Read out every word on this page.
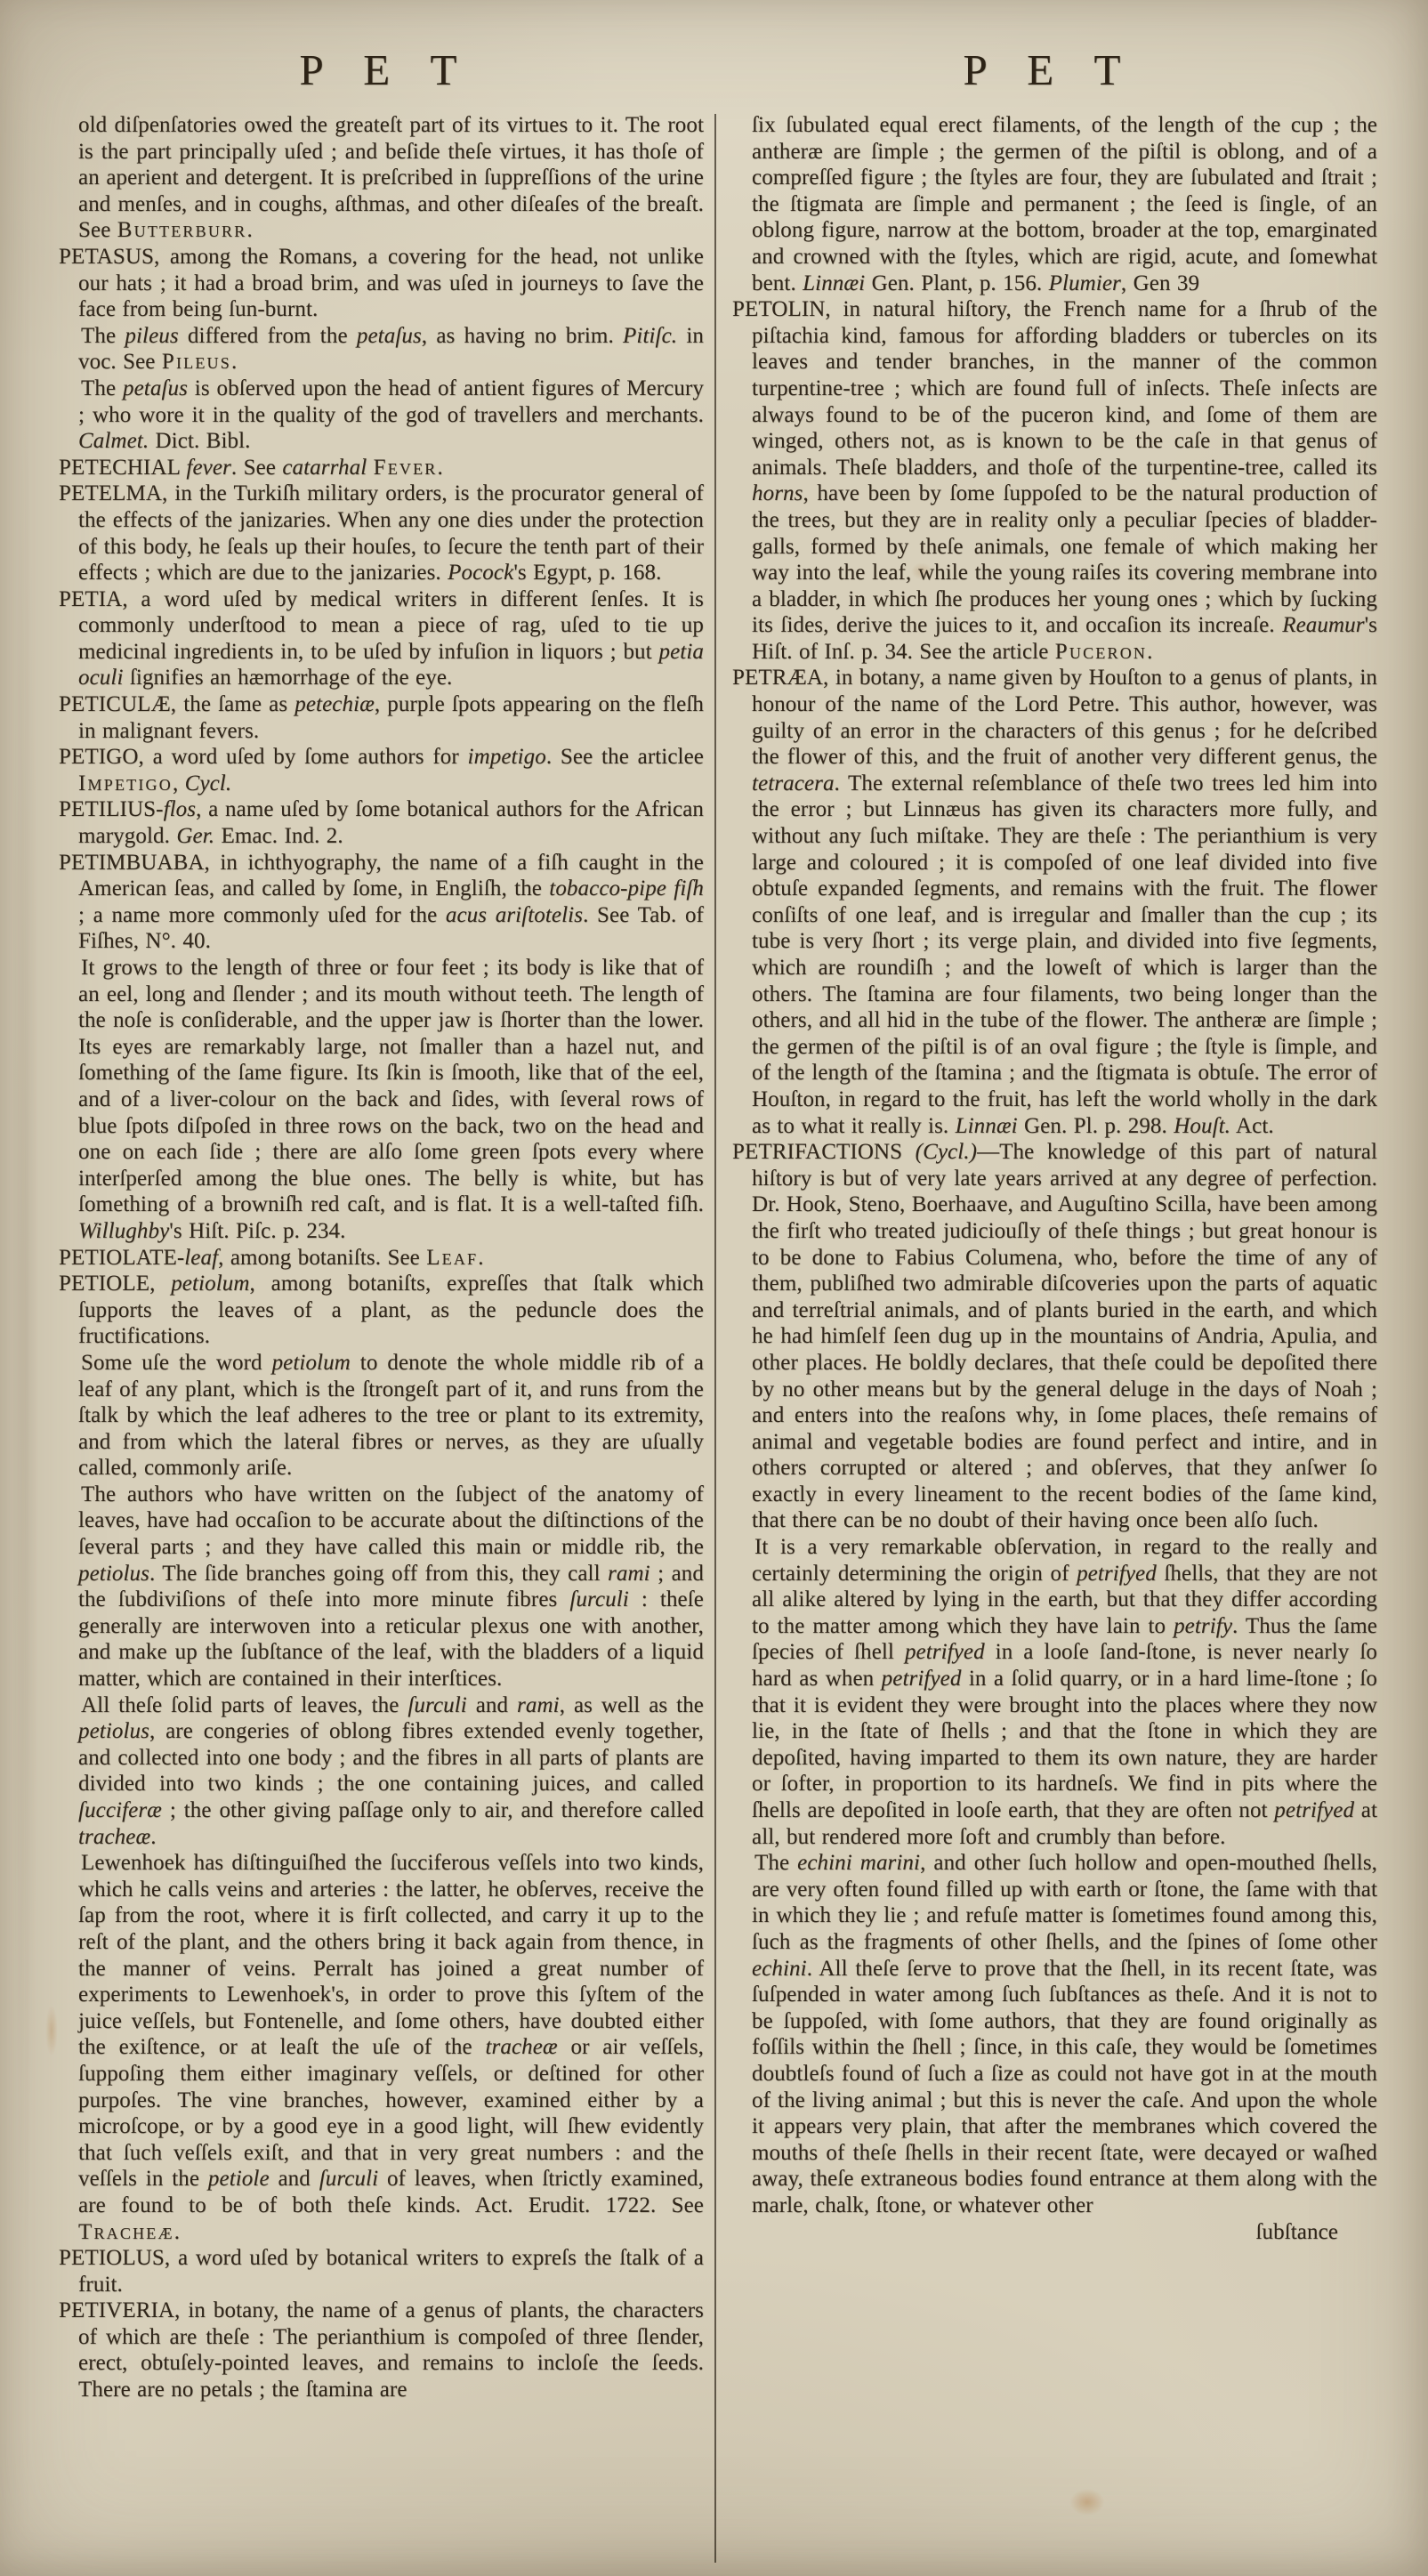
P E T	P E T

old diſpenſatories owed the greateſt part of its virtues to it. The root is the part principally uſed ; and beſide theſe virtues, it has thoſe of an aperient and detergent. It is preſcribed in ſuppreſſions of the urine and menſes, and in coughs, aſthmas, and other diſeaſes of the breaſt. See Butterburr.

PETASUS, among the Romans, a covering for the head, not unlike our hats ; it had a broad brim, and was uſed in journeys to ſave the face from being ſun-burnt.

The pileus differed from the petaſus, as having no brim. Pitiſc. in voc. See Pileus.

The petaſus is obſerved upon the head of antient figures of Mercury ; who wore it in the quality of the god of travellers and merchants. Calmet. Dict. Bibl.

PETECHIAL fever. See catarrhal Fever.

PETELMA, in the Turkiſh military orders, is the procurator general of the effects of the janizaries. When any one dies under the protection of this body, he ſeals up their houſes, to ſecure the tenth part of their effects ; which are due to the janizaries. Pocock's Egypt, p. 168.

PETIA, a word uſed by medical writers in different ſenſes. It is commonly underſtood to mean a piece of rag, uſed to tie up medicinal ingredients in, to be uſed by infuſion in liquors ; but petia oculi ſignifies an hæmorrhage of the eye.

PETICULÆ, the ſame as petechiæ, purple ſpots appearing on the fleſh in malignant fevers.

PETIGO, a word uſed by ſome authors for impetigo. See the articlee Impetigo, Cycl.

PETILIUS-flos, a name uſed by ſome botanical authors for the African marygold. Ger. Emac. Ind. 2.

PETIMBUABA, in ichthyography, the name of a fiſh caught in the American ſeas, and called by ſome, in Engliſh, the tobacco-pipe fiſh ; a name more commonly uſed for the acus ariſtotelis. See Tab. of Fiſhes, N°. 40.

It grows to the length of three or four feet ; its body is like that of an eel, long and ſlender ; and its mouth without teeth. The length of the noſe is conſiderable, and the upper jaw is ſhorter than the lower. Its eyes are remarkably large, not ſmaller than a hazel nut, and ſomething of the ſame figure. Its ſkin is ſmooth, like that of the eel, and of a liver-colour on the back and ſides, with ſeveral rows of blue ſpots diſpoſed in three rows on the back, two on the head and one on each ſide ; there are alſo ſome green ſpots every where interſperſed among the blue ones. The belly is white, but has ſomething of a browniſh red caſt, and is flat. It is a well-taſted fiſh. Willughby's Hiſt. Piſc. p. 234.

PETIOLATE-leaf, among botaniſts. See Leaf.

PETIOLE, petiolum, among botaniſts, expreſſes that ſtalk which ſupports the leaves of a plant, as the peduncle does the fructifications.

Some uſe the word petiolum to denote the whole middle rib of a leaf of any plant, which is the ſtrongeſt part of it, and runs from the ſtalk by which the leaf adheres to the tree or plant to its extremity, and from which the lateral fibres or nerves, as they are uſually called, commonly ariſe.

The authors who have written on the ſubject of the anatomy of leaves, have had occaſion to be accurate about the diſtinctions of the ſeveral parts ; and they have called this main or middle rib, the petiolus. The ſide branches going off from this, they call rami ; and the ſubdiviſions of theſe into more minute fibres ſurculi : theſe generally are interwoven into a reticular plexus one with another, and make up the ſubſtance of the leaf, with the bladders of a liquid matter, which are contained in their interſtices.

All theſe ſolid parts of leaves, the ſurculi and rami, as well as the petiolus, are congeries of oblong fibres extended evenly together, and collected into one body ; and the fibres in all parts of plants are divided into two kinds ; the one containing juices, and called ſucciferæ ; the other giving paſſage only to air, and therefore called tracheæ.

Lewenhoek has diſtinguiſhed the ſucciferous veſſels into two kinds, which he calls veins and arteries : the latter, he obſerves, receive the ſap from the root, where it is firſt collected, and carry it up to the reſt of the plant, and the others bring it back again from thence, in the manner of veins. Perralt has joined a great number of experiments to Lewenhoek's, in order to prove this ſyſtem of the juice veſſels, but Fontenelle, and ſome others, have doubted either the exiſtence, or at leaſt the uſe of the tracheæ or air veſſels, ſuppoſing them either imaginary veſſels, or deſtined for other purpoſes. The vine branches, however, examined either by a microſcope, or by a good eye in a good light, will ſhew evidently that ſuch veſſels exiſt, and that in very great numbers : and the veſſels in the petiole and ſurculi of leaves, when ſtrictly examined, are found to be of both theſe kinds. Act. Erudit. 1722. See Tracheæ.

PETIOLUS, a word uſed by botanical writers to expreſs the ſtalk of a fruit.

PETIVERIA, in botany, the name of a genus of plants, the characters of which are theſe : The perianthium is compoſed of three ſlender, erect, obtuſely-pointed leaves, and remains to incloſe the ſeeds. There are no petals ; the ſtamina are

ſix ſubulated equal erect filaments, of the length of the cup ; the antheræ are ſimple ; the germen of the piſtil is oblong, and of a compreſſed figure ; the ſtyles are four, they are ſubulated and ſtrait ; the ſtigmata are ſimple and permanent ; the ſeed is ſingle, of an oblong figure, narrow at the bottom, broader at the top, emarginated and crowned with the ſtyles, which are rigid, acute, and ſomewhat bent. Linnæi Gen. Plant, p. 156. Plumier, Gen 39

PETOLIN, in natural hiſtory, the French name for a ſhrub of the piſtachia kind, famous for affording bladders or tubercles on its leaves and tender branches, in the manner of the common turpentine-tree ; which are found full of inſects. Theſe inſects are always found to be of the puceron kind, and ſome of them are winged, others not, as is known to be the caſe in that genus of animals. Theſe bladders, and thoſe of the turpentine-tree, called its horns, have been by ſome ſuppoſed to be the natural production of the trees, but they are in reality only a peculiar ſpecies of bladder-galls, formed by theſe animals, one female of which making her way into the leaf, while the young raiſes its covering membrane into a bladder, in which ſhe produces her young ones ; which by ſucking its ſides, derive the juices to it, and occaſion its increaſe. Reaumur's Hiſt. of Inſ. p. 34. See the article Puceron.

PETRÆA, in botany, a name given by Houſton to a genus of plants, in honour of the name of the Lord Petre. This author, however, was guilty of an error in the characters of this genus ; for he deſcribed the flower of this, and the fruit of another very different genus, the tetracera. The external reſemblance of theſe two trees led him into the error ; but Linnæus has given its characters more fully, and without any ſuch miſtake. They are theſe : The perianthium is very large and coloured ; it is compoſed of one leaf divided into five obtuſe expanded ſegments, and remains with the fruit. The flower conſiſts of one leaf, and is irregular and ſmaller than the cup ; its tube is very ſhort ; its verge plain, and divided into five ſegments, which are roundiſh ; and the loweſt of which is larger than the others. The ſtamina are four filaments, two being longer than the others, and all hid in the tube of the flower. The antheræ are ſimple ; the germen of the piſtil is of an oval figure ; the ſtyle is ſimple, and of the length of the ſtamina ; and the ſtigmata is obtuſe. The error of Houſton, in regard to the fruit, has left the world wholly in the dark as to what it really is. Linnæi Gen. Pl. p. 298. Houſt. Act.

PETRIFACTIONS (Cycl.)—The knowledge of this part of natural hiſtory is but of very late years arrived at any degree of perfection. Dr. Hook, Steno, Boerhaave, and Auguſtino Scilla, have been among the firſt who treated judiciouſly of theſe things ; but great honour is to be done to Fabius Columena, who, before the time of any of them, publiſhed two admirable diſcoveries upon the parts of aquatic and terreſtrial animals, and of plants buried in the earth, and which he had himſelf ſeen dug up in the mountains of Andria, Apulia, and other places. He boldly declares, that theſe could be depoſited there by no other means but by the general deluge in the days of Noah ; and enters into the reaſons why, in ſome places, theſe remains of animal and vegetable bodies are found perfect and intire, and in others corrupted or altered ; and obſerves, that they anſwer ſo exactly in every lineament to the recent bodies of the ſame kind, that there can be no doubt of their having once been alſo ſuch.

It is a very remarkable obſervation, in regard to the really and certainly determining the origin of petrifyed ſhells, that they are not all alike altered by lying in the earth, but that they differ according to the matter among which they have lain to petrify. Thus the ſame ſpecies of ſhell petrifyed in a looſe ſand-ſtone, is never nearly ſo hard as when petrifyed in a ſolid quarry, or in a hard lime-ſtone ; ſo that it is evident they were brought into the places where they now lie, in the ſtate of ſhells ; and that the ſtone in which they are depoſited, having imparted to them its own nature, they are harder or ſofter, in proportion to its hardneſs. We find in pits where the ſhells are depoſited in looſe earth, that they are often not petrifyed at all, but rendered more ſoft and crumbly than before.

The echini marini, and other ſuch hollow and open-mouthed ſhells, are very often found filled up with earth or ſtone, the ſame with that in which they lie ; and refuſe matter is ſometimes found among this, ſuch as the fragments of other ſhells, and the ſpines of ſome other echini. All theſe ſerve to prove that the ſhell, in its recent ſtate, was ſuſpended in water among ſuch ſubſtances as theſe. And it is not to be ſuppoſed, with ſome authors, that they are found originally as foſſils within the ſhell ; ſince, in this caſe, they would be ſometimes doubtleſs found of ſuch a ſize as could not have got in at the mouth of the living animal ; but this is never the caſe. And upon the whole it appears very plain, that after the membranes which covered the mouths of theſe ſhells in their recent ſtate, were decayed or waſhed away, theſe extraneous bodies found entrance at them along with the marle, chalk, ſtone, or whatever other

ſubſtance
